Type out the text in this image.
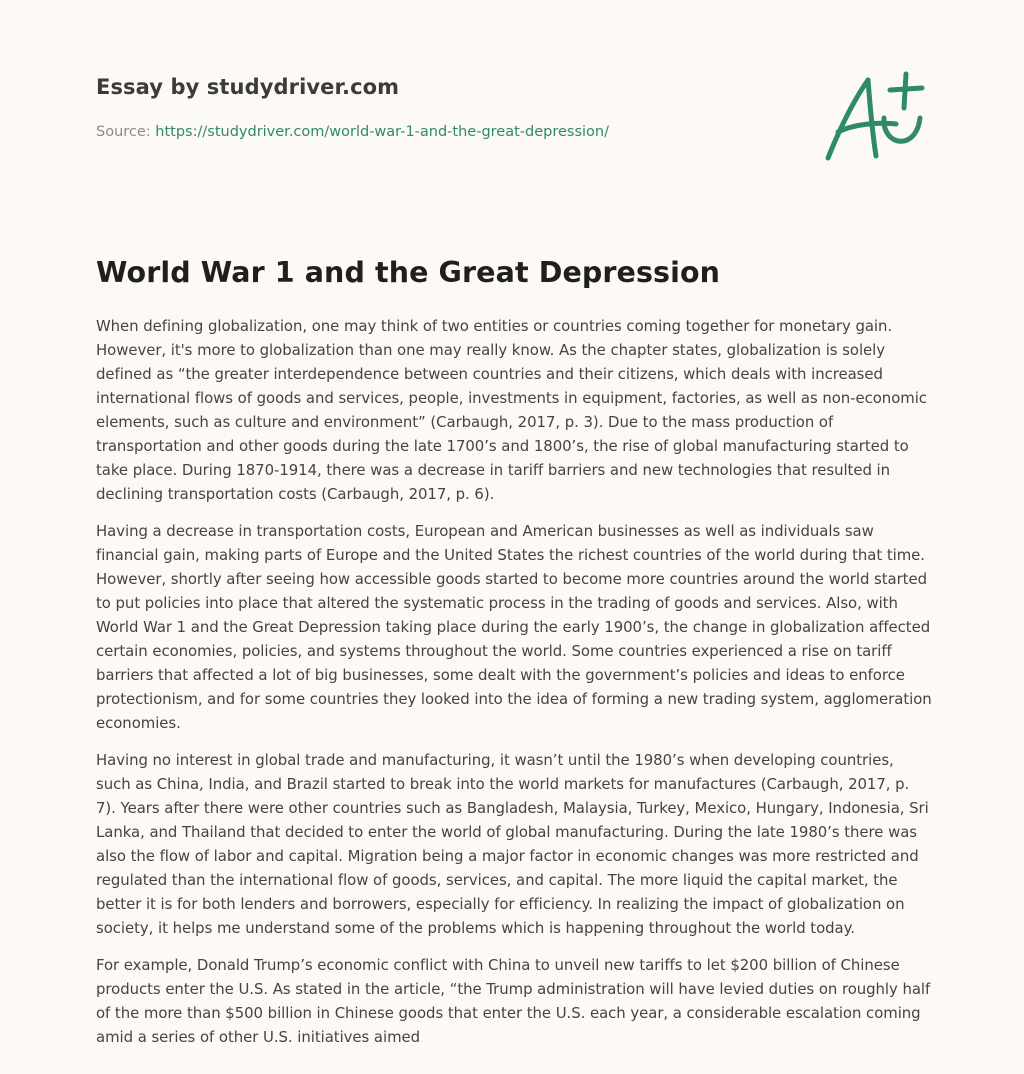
Essay by studydriver.com
Source: https://studydriver.com/world-war-1-and-the-great-depression/
World War 1 and the Great Depression

When defining globalization, one may think of two entities or countries coming together for monetary gain. However, it's more to globalization than one may really know. As the chapter states, globalization is solely defined as “the greater interdependence between countries and their citizens, which deals with increased international flows of goods and services, people, investments in equipment, factories, as well as non-economic elements, such as culture and environment” (Carbaugh, 2017, p. 3). Due to the mass production of transportation and other goods during the late 1700’s and 1800’s, the rise of global manufacturing started to take place. During 1870-1914, there was a decrease in tariff barriers and new technologies that resulted in declining transportation costs (Carbaugh, 2017, p. 6).

Having a decrease in transportation costs, European and American businesses as well as individuals saw financial gain, making parts of Europe and the United States the richest countries of the world during that time. However, shortly after seeing how accessible goods started to become more countries around the world started to put policies into place that altered the systematic process in the trading of goods and services. Also, with World War 1 and the Great Depression taking place during the early 1900’s, the change in globalization affected certain economies, policies, and systems throughout the world. Some countries experienced a rise on tariff barriers that affected a lot of big businesses, some dealt with the government’s policies and ideas to enforce protectionism, and for some countries they looked into the idea of forming a new trading system, agglomeration economies.

Having no interest in global trade and manufacturing, it wasn’t until the 1980’s when developing countries, such as China, India, and Brazil started to break into the world markets for manufactures (Carbaugh, 2017, p. 7). Years after there were other countries such as Bangladesh, Malaysia, Turkey, Mexico, Hungary, Indonesia, Sri Lanka, and Thailand that decided to enter the world of global manufacturing. During the late 1980’s there was also the flow of labor and capital. Migration being a major factor in economic changes was more restricted and regulated than the international flow of goods, services, and capital. The more liquid the capital market, the better it is for both lenders and borrowers, especially for efficiency. In realizing the impact of globalization on society, it helps me understand some of the problems which is happening throughout the world today.

For example, Donald Trump’s economic conflict with China to unveil new tariffs to let $200 billion of Chinese products enter the U.S. As stated in the article, “the Trump administration will have levied duties on roughly half of the more than $500 billion in Chinese goods that enter the U.S. each year, a considerable escalation coming amid a series of other U.S. initiatives aimed
